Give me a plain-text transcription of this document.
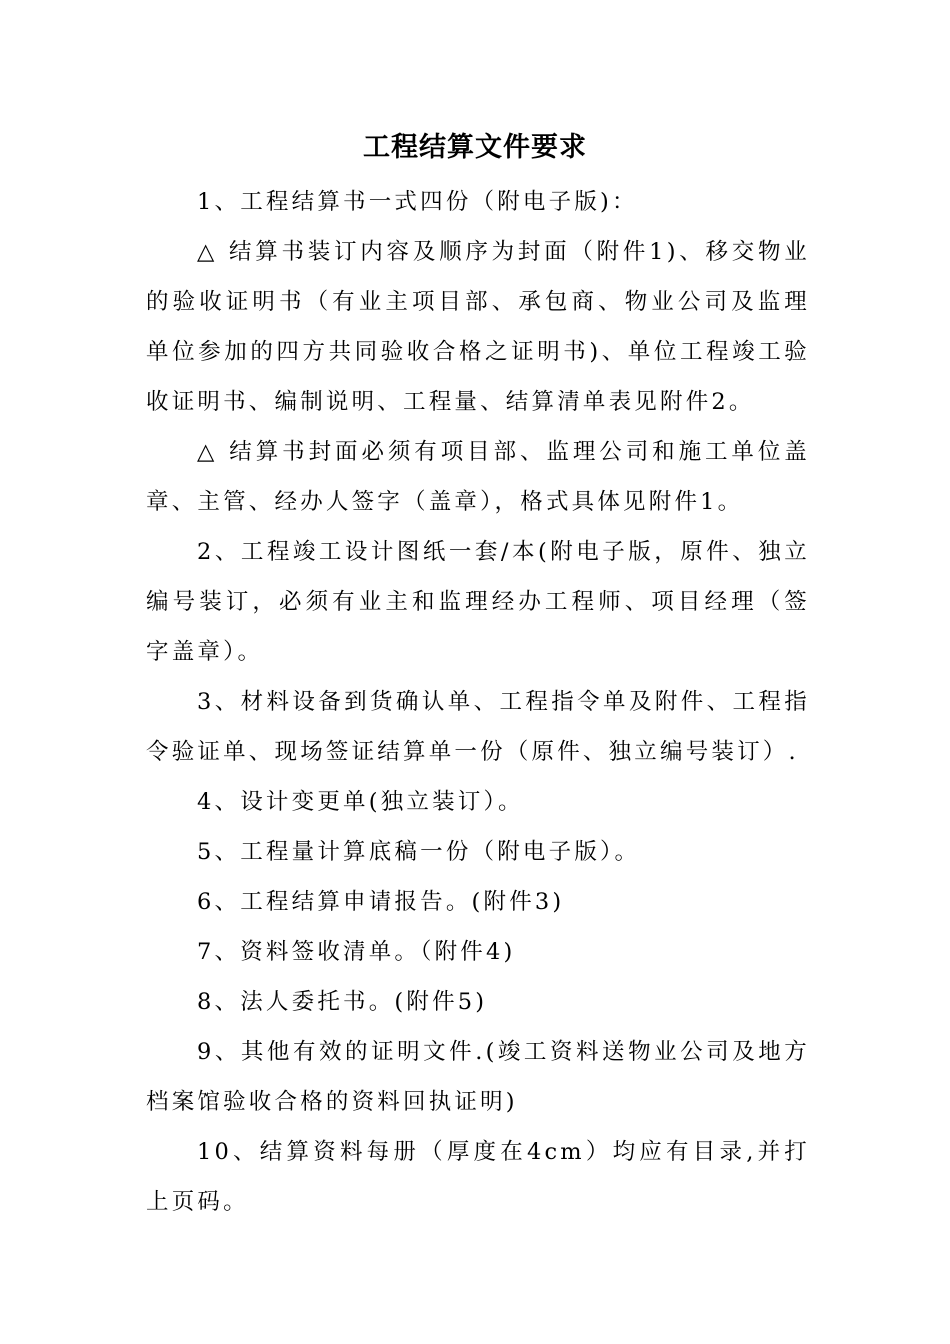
工程结算文件要求

1、工程结算书一式四份（附电子版)：

△ 结算书装订内容及顺序为封面（附件1)、移交物业的验收证明书（有业主项目部、承包商、物业公司及监理单位参加的四方共同验收合格之证明书)、单位工程竣工验收证明书、编制说明、工程量、结算清单表见附件2。

△ 结算书封面必须有项目部、监理公司和施工单位盖章、主管、经办人签字（盖章），格式具体见附件1。

2、工程竣工设计图纸一套/本(附电子版，原件、独立编号装订，必须有业主和监理经办工程师、项目经理（签字盖章）。

3、材料设备到货确认单、工程指令单及附件、工程指令验证单、现场签证结算单一份（原件、独立编号装订）.

4、设计变更单(独立装订）。

5、工程量计算底稿一份（附电子版）。

6、工程结算申请报告。(附件3)

7、资料签收清单。（附件4)

8、法人委托书。(附件5)

9、其他有效的证明文件.(竣工资料送物业公司及地方档案馆验收合格的资料回执证明)

10、结算资料每册（厚度在4cm）均应有目录,并打上页码。
